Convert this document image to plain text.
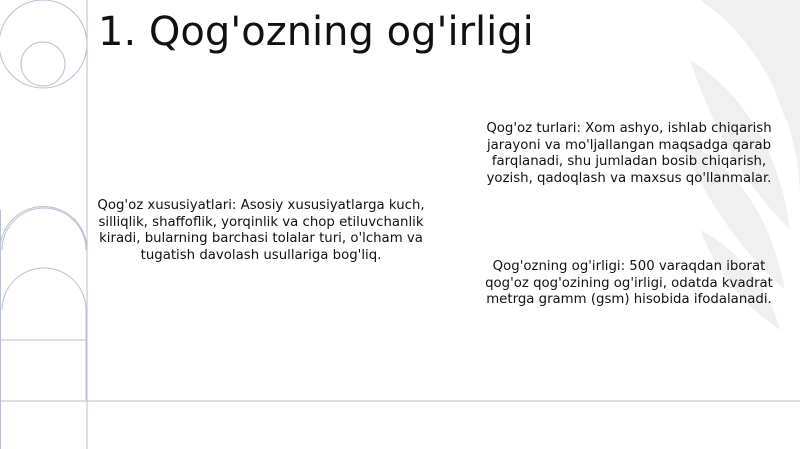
1. Qog'ozning og'irligi

Qog'oz xususiyatlari: Asosiy xususiyatlarga kuch, silliqlik, shaffoflik, yorqinlik va chop etiluvchanlik kiradi, bularning barchasi tolalar turi, o'lcham va tugatish davolash usullariga bog'liq.

Qog'oz turlari: Xom ashyo, ishlab chiqarish jarayoni va mo'ljallangan maqsadga qarab farqlanadi, shu jumladan bosib chiqarish, yozish, qadoqlash va maxsus qo'llanmalar.

Qog'ozning og'irligi: 500 varaqdan iborat qog'oz qog'ozining og'irligi, odatda kvadrat metrga gramm (gsm) hisobida ifodalanadi.
